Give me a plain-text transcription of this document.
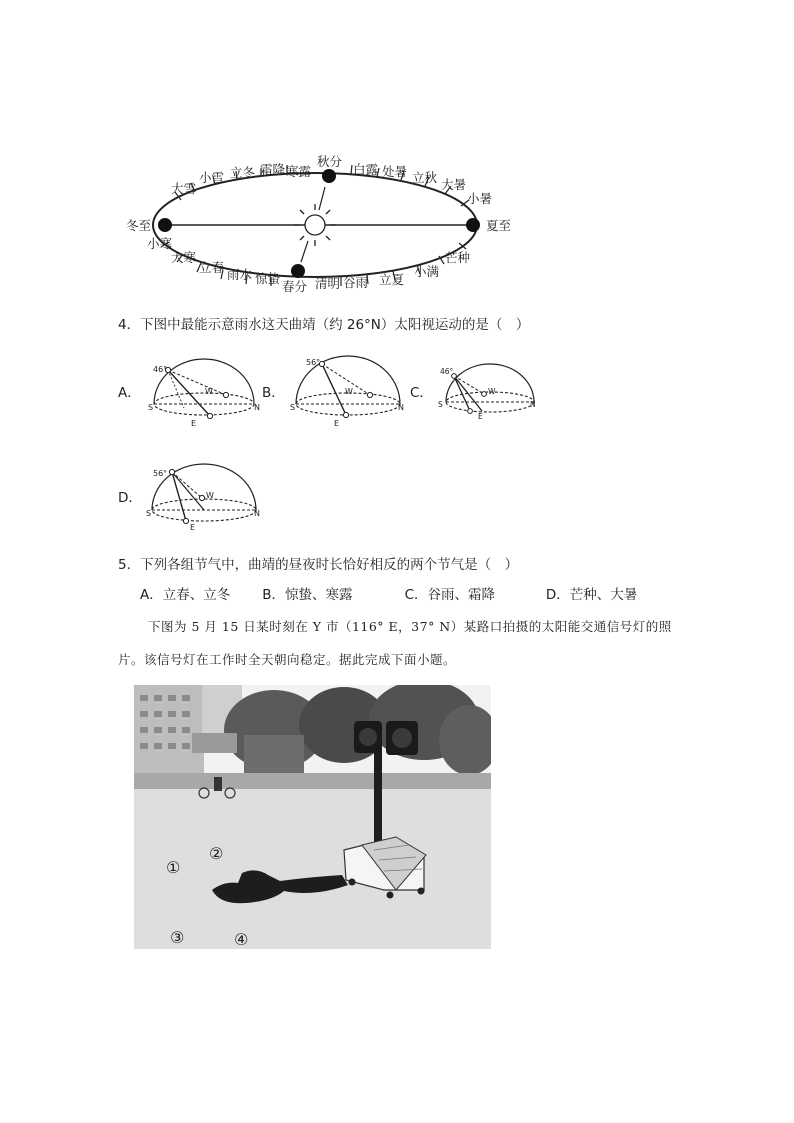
小雪 立冬 霜降 寒露
秋分
白露 处暑 立秋 大暑
小暑
夏至
大雪
冬至
小寒
大寒
立春 雨水 惊蛰
春分 清明 谷雨 立夏
小满
芒种
4．下图中最能示意雨水这天曲靖（约 26°N）太阳视运动的是（　）
A．
46°
S	N
E
W	B．
56°
S	N
E
W	C．
46°
S	N
E
W
D．
56°
S	N
E
W
5．下列各组节气中，曲靖的昼夜时长恰好相反的两个节气是（　）
A．立春、立冬 B．惊蛰、寒露	C．谷雨、霜降	D．芒种、大暑
下图为 5 月 15 日某时刻在 Y 市（116° E，37° N）某路口拍摄的太阳能交通信号灯的照
片。该信号灯在工作时全天朝向稳定。据此完成下面小题。
①
②
③	④
